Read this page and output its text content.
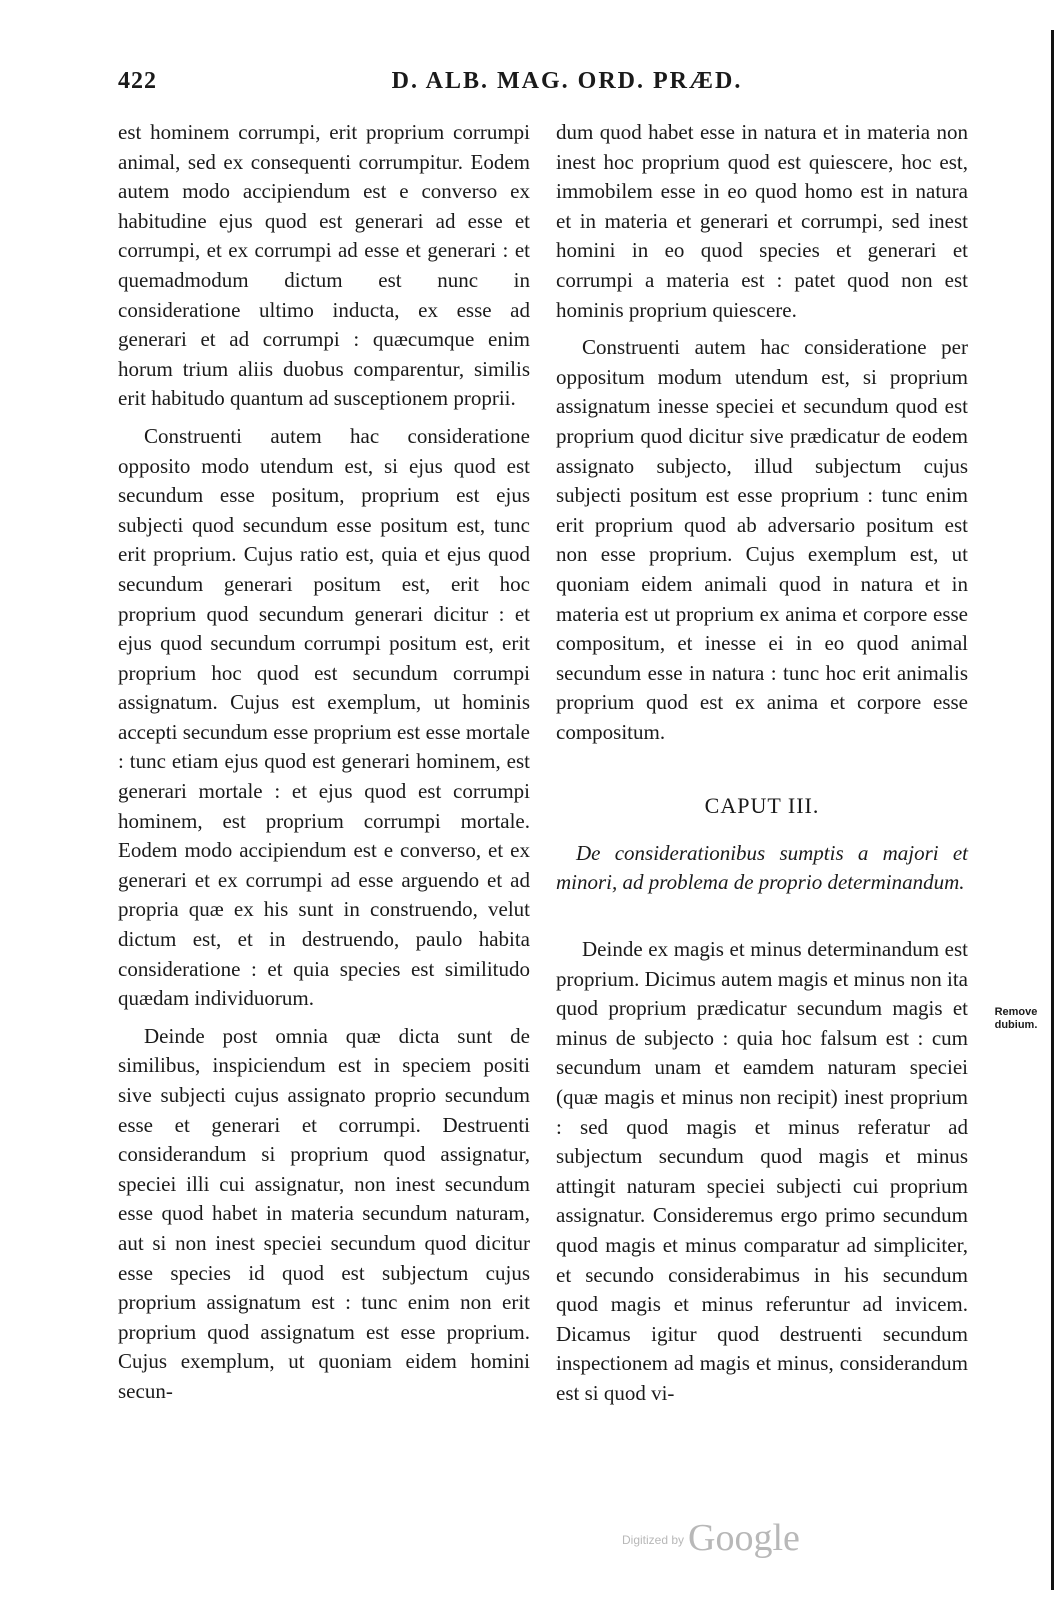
422	D. ALB. MAG. ORD. PRÆD.

est hominem corrumpi, erit proprium corrumpi animal, sed ex consequenti corrumpitur. Eodem autem modo accipiendum est e converso ex habitudine ejus quod est generari ad esse et corrumpi, et ex corrumpi ad esse et generari : et quemadmodum dictum est nunc in consideratione ultimo inducta, ex esse ad generari et ad corrumpi : quæcumque enim horum trium aliis duobus comparentur, similis erit habitudo quantum ad susceptionem proprii.

Construenti autem hac consideratione opposito modo utendum est, si ejus quod est secundum esse positum, proprium est ejus subjecti quod secundum esse positum est, tunc erit proprium. Cujus ratio est, quia et ejus quod secundum generari positum est, erit hoc proprium quod secundum generari dicitur : et ejus quod secundum corrumpi positum est, erit proprium hoc quod est secundum corrumpi assignatum. Cujus est exemplum, ut hominis accepti secundum esse proprium est esse mortale : tunc etiam ejus quod est generari hominem, est generari mortale : et ejus quod est corrumpi hominem, est proprium corrumpi mortale. Eodem modo accipiendum est e converso, et ex generari et ex corrumpi ad esse arguendo et ad propria quæ ex his sunt in construendo, velut dictum est, et in destruendo, paulo habita consideratione : et quia species est similitudo quædam individuorum.

Deinde post omnia quæ dicta sunt de similibus, inspiciendum est in speciem positi sive subjecti cujus assignato proprio secundum esse et generari et corrumpi. Destruenti considerandum si proprium quod assignatur, speciei illi cui assignatur, non inest secundum esse quod habet in materia secundum naturam, aut si non inest speciei secundum quod dicitur esse species id quod est subjectum cujus proprium assignatum est : tunc enim non erit proprium quod assignatum est esse proprium. Cujus exemplum, ut quoniam eidem homini secun-

dum quod habet esse in natura et in materia non inest hoc proprium quod est quiescere, hoc est, immobilem esse in eo quod homo est in natura et in materia et generari et corrumpi, sed inest homini in eo quod species et generari et corrumpi a materia est : patet quod non est hominis proprium quiescere.

Construenti autem hac consideratione per oppositum modum utendum est, si proprium assignatum inesse speciei et secundum quod est proprium quod dicitur sive prædicatur de eodem assignato subjecto, illud subjectum cujus subjecti positum est esse proprium : tunc enim erit proprium quod ab adversario positum est non esse proprium. Cujus exemplum est, ut quoniam eidem animali quod in natura et in materia est ut proprium ex anima et corpore esse compositum, et inesse ei in eo quod animal secundum esse in natura : tunc hoc erit animalis proprium quod est ex anima et corpore esse compositum.

CAPUT III.

De considerationibus sumptis a majori et minori, ad problema de proprio determinandum.

Deinde ex magis et minus determinandum est proprium. Dicimus autem magis et minus non ita quod proprium prædicatur secundum magis et minus de subjecto : quia hoc falsum est : cum secundum unam et eamdem naturam speciei (quæ magis et minus non recipit) inest proprium : sed quod magis et minus referatur ad subjectum secundum quod magis et minus attingit naturam speciei subjecti cui proprium assignatur. Consideremus ergo primo secundum quod magis et minus comparatur ad simpliciter, et secundo considerabimus in his secundum quod magis et minus referuntur ad invicem. Dicamus igitur quod destruenti secundum inspectionem ad magis et minus, considerandum est si quod vi-

Remove
dubium.
$^{Digitized by}$ Google
